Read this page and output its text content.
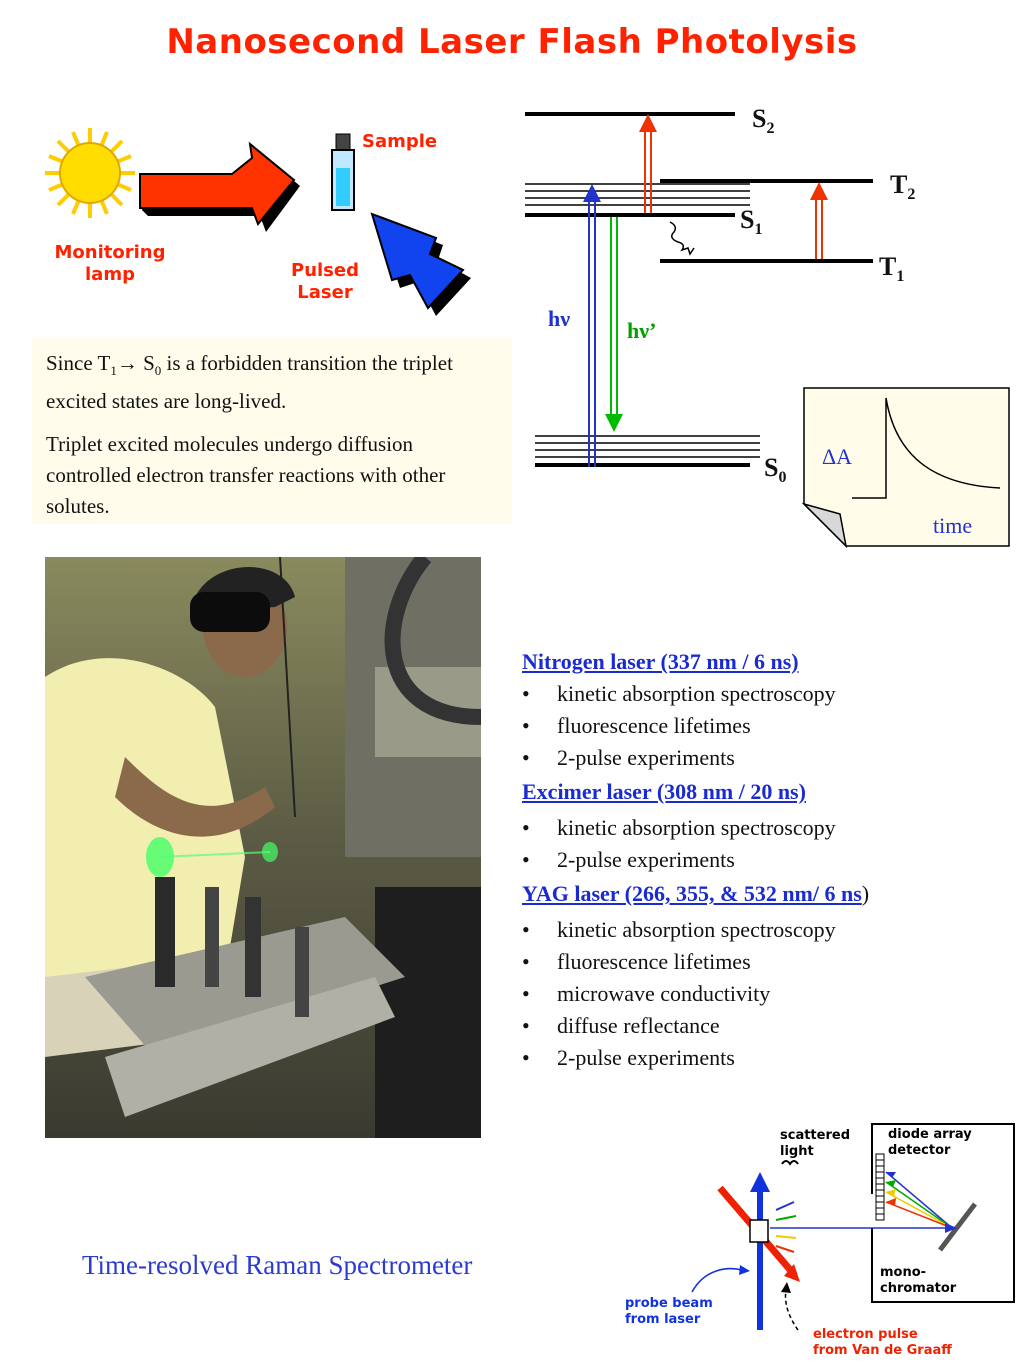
Nanosecond Laser Flash Photolysis
Sample
Monitoring
lamp	Pulsed
Laser

Since $T_1\to S_0$ is a forbidden transition the triplet excited states are long-lived.

Triplet excited molecules undergo diffusion controlled electron transfer reactions with other solutes.

$S_2$
$T_2$
$S_1$
$T_1$
$S_0$
hν	hν’
ΔA
time
Nitrogen laser (337 nm / 6 ns)
• kinetic absorption spectroscopy
• fluorescence lifetimes
• 2-pulse experiments
Excimer laser (308 nm / 20 ns)
• kinetic absorption spectroscopy
• 2-pulse experiments
YAG laser (266, 355, & 532 nm/ 6 ns)
• kinetic absorption spectroscopy
• fluorescence lifetimes
• microwave conductivity
• diffuse reflectance
• 2-pulse experiments
Time-resolved Raman Spectrometer
scattered
light
diode array
detector
mono-
chromator
probe beam
from laser
electron pulse
from Van de Graaff
